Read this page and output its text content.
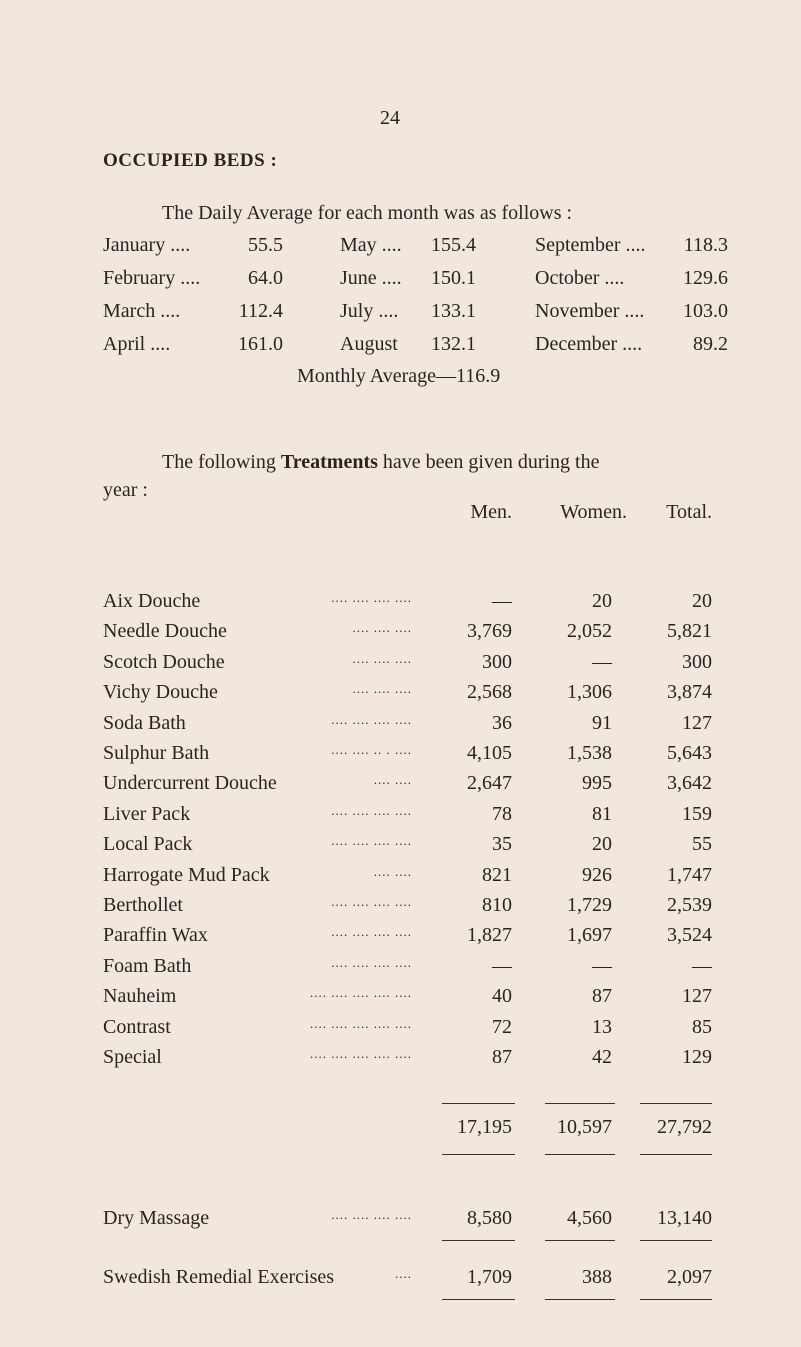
24
OCCUPIED BEDS :
The Daily Average for each month was as follows :
January ....	55.5	May .... 155.4	September .... 118.3
February .... 64.0	June .... 150.1	October ....	129.6
March ....	112.4	July .... 133.1	November .... 103.0
April ....	161.0	August 132.1	December ....	89.2
Monthly Average—116.9
The following Treatments have been given during the
year :
Men. Women. Total.
Aix Douche	.... .... .... ....	—	20	20
Needle Douche	.... .... ....	3,769	2,052	5,821
Scotch Douche	.... .... ....	300	—	300
Vichy Douche	.... .... ....	2,568	1,306	3,874
Soda Bath	.... .... .... ....	36	91	127
Sulphur Bath	.... .... .. . ....	4,105	1,538	5,643
Undercurrent Douche	.... ....	2,647	995	3,642
Liver Pack	.... .... .... ....	78	81	159
Local Pack	.... .... .... ....	35	20	55
Harrogate Mud Pack	.... ....	821	926	1,747
Berthollet	.... .... .... ....	810	1,729	2,539
Paraffin Wax	.... .... .... ....	1,827	1,697	3,524
Foam Bath	.... .... .... ....	—	—	—
Nauheim	.... .... .... .... ....	40	87	127
Contrast	.... .... .... .... ....	72	13	85
Special	.... .... .... .... ....	87	42	129
17,195 10,597 27,792
Dry Massage	.... .... .... ....	8,580	4,560 13,140
Swedish Remedial Exercises	....	1,709	388	2,097
